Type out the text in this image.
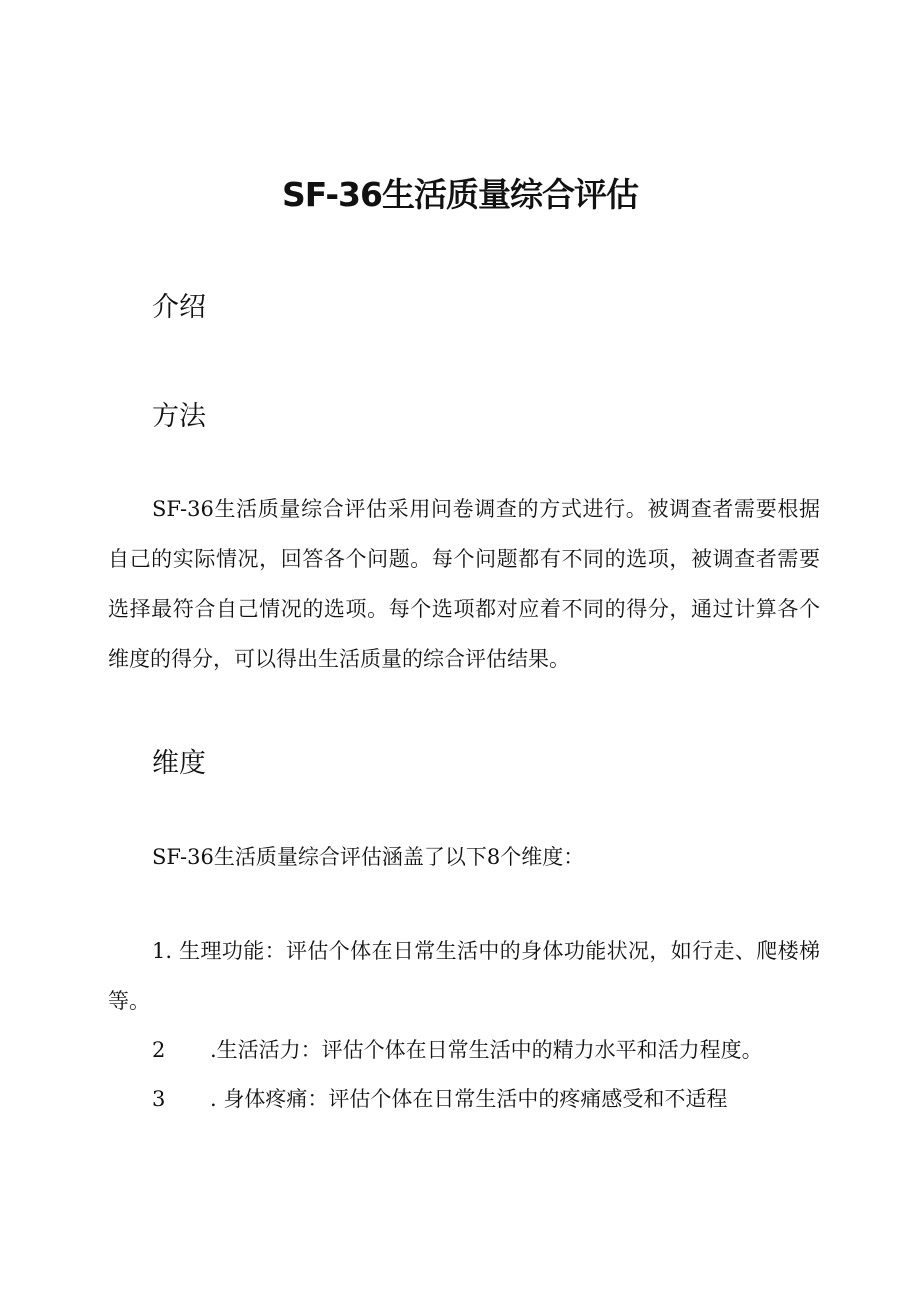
SF-36生活质量综合评估
介绍
方法

SF-36生活质量综合评估采用问卷调查的方式进行。被调查者需要根据自己的实际情况，回答各个问题。每个问题都有不同的选项，被调查者需要选择最符合自己情况的选项。每个选项都对应着不同的得分，通过计算各个维度的得分，可以得出生活质量的综合评估结果。

维度

SF-36生活质量综合评估涵盖了以下8个维度：

1. 生理功能：评估个体在日常生活中的身体功能状况，如行走、爬楼梯等。

2 .生活活力：评估个体在日常生活中的精力水平和活力程度。

3 . 身体疼痛：评估个体在日常生活中的疼痛感受和不适程
